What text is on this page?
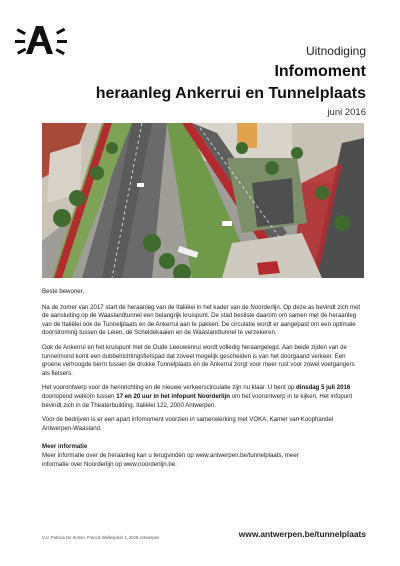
Uitnodiging
Infomoment
heraanleg Ankerrui en Tunnelplaats
juni 2016

Beste bewoner,

Na de zomer van 2017 start de heraanleg van de Italiëlei in het kader van de Noorderlijn. Op deze as bevindt zich met de aansluiting op de Waaslandtunnel een belangrijk kruispunt. De stad besliste daarom om samen met de heraanleg van de Italiëlei ook de Tunnelplaats en de Ankerrui aan te pakken. De circulatie wordt er aangepast om een optimale doorstroming tussen de Leien, de Scheldekaaien en de Waaslandtunnel te verzekeren.

Ook de Ankerrui en het kruispunt met de Oude Leeuwenrui wordt volledig heraangelegd. Aan beide zijden van de tunnelmond komt een dubbelrichtingsfietspad dat zoveel mogelijk gescheiden is van het doorgaand verkeer. Een groene verhoogde berm tussen de drukke Tunnelplaats en de Ankerrui zorgt voor meer rust voor zowel voetgangers als fietsers.

Het voorontwerp voor de herinrichting en de nieuwe verkeerscirculatie zijn nu klaar. U bent op dinsdag 5 juli 2016 doorlopend welkom tussen 17 en 20 uur in het infopunt Noorderlijn om het voorontwerp in te kijken. Het infopunt bevindt zich in de Theaterbuilding, Italiëlei 122, 2000 Antwerpen.

Voor de bedrijven is er een apart infomoment voorzien in samenwerking met VOKA, Kamer van Koophandel Antwerpen-Waasland.

Meer informatie
Meer informatie over de heraanleg kan u terugvinden op www.antwerpen.be/tunnelplaats, meer
informatie over Noorderlijn op www.noorderlijn.be.
V.U. Patricia De Somer, Francis Wellesplein 1, 2018 Antwerpen	www.antwerpen.be/tunnelplaats
